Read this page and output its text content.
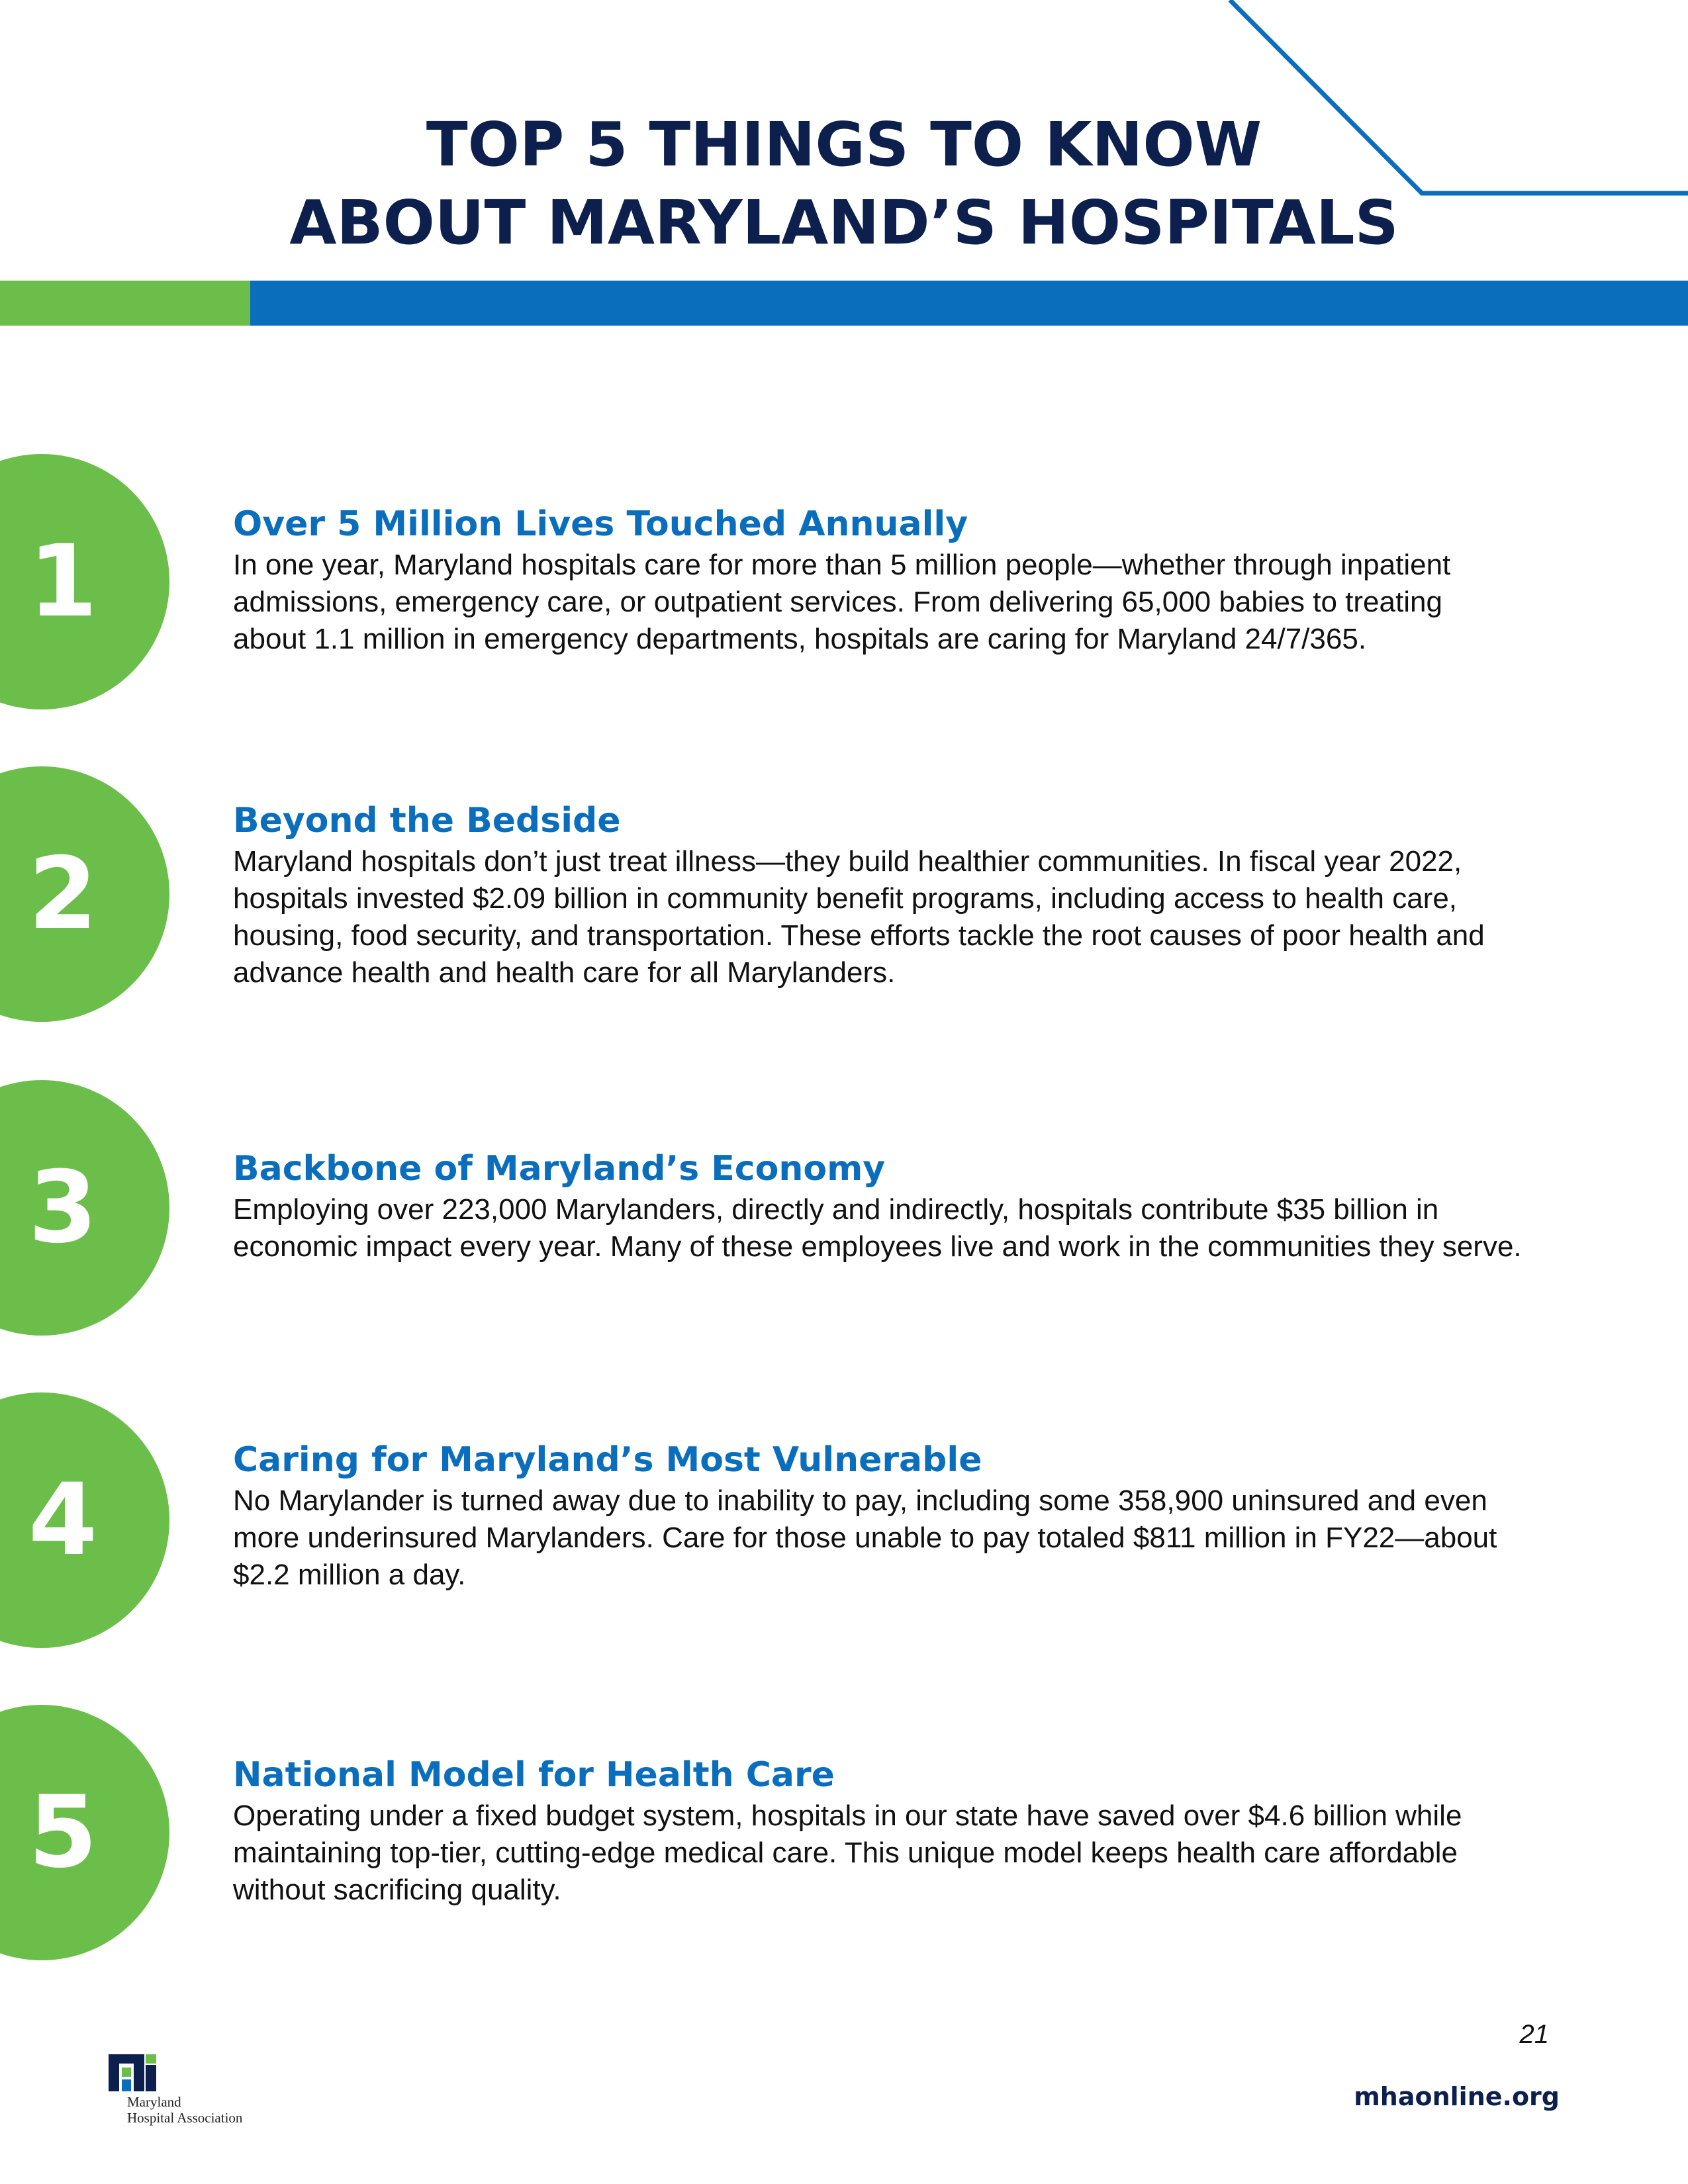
TOP 5 THINGS TO KNOW
ABOUT MARYLAND’S HOSPITALS
1	Over 5 Million Lives Touched Annually
In one year, Maryland hospitals care for more than 5 million people—whether through inpatient
admissions, emergency care, or outpatient services. From delivering 65,000 babies to treating
about 1.1 million in emergency departments, hospitals are caring for Maryland 24/7/365.
2
Beyond the Bedside
Maryland hospitals don’t just treat illness—they build healthier communities. In fiscal year 2022,
hospitals invested $2.09 billion in community benefit programs, including access to health care,
housing, food security, and transportation. These efforts tackle the root causes of poor health and
advance health and health care for all Marylanders.
3	Backbone of Maryland’s Economy
Employing over 223,000 Marylanders, directly and indirectly, hospitals contribute $35 billion in
economic impact every year. Many of these employees live and work in the communities they serve.
4
Caring for Maryland’s Most Vulnerable
No Marylander is turned away due to inability to pay, including some 358,900 uninsured and even
more underinsured Marylanders. Care for those unable to pay totaled $811 million in FY22—about
$2.2 million a day.
5	National Model for Health Care
Operating under a fixed budget system, hospitals in our state have saved over $4.6 billion while
maintaining top-tier, cutting-edge medical care. This unique model keeps health care affordable
without sacrificing quality.
21
mhaonline.org
Maryland
Hospital Association
